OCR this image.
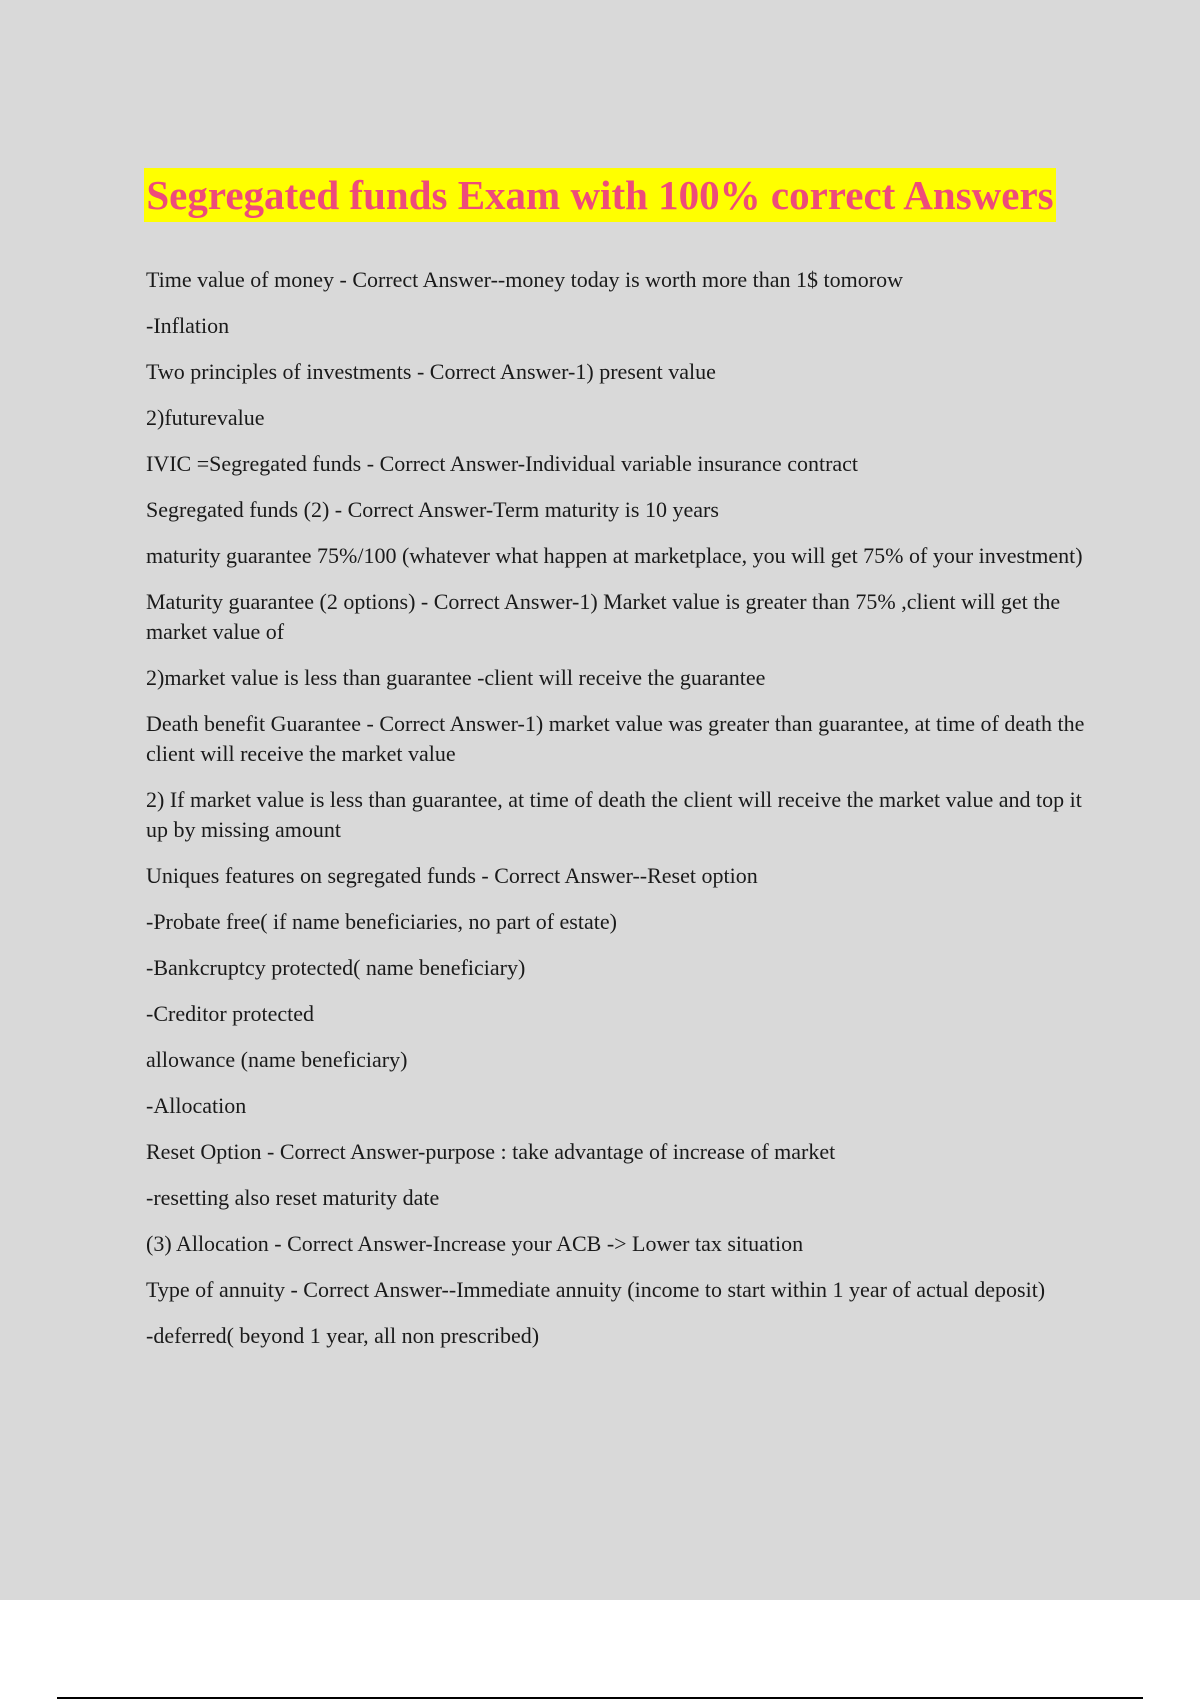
Segregated funds Exam with 100% correct Answers
Time value of money - Correct Answer--money today is worth more than 1$ tomorow
-Inflation
Two principles of investments - Correct Answer-1) present value
2)futurevalue
IVIC =Segregated funds - Correct Answer-Individual variable insurance contract
Segregated funds (2) - Correct Answer-Term maturity is 10 years
maturity guarantee 75%/100 (whatever what happen at marketplace, you will get 75% of your investment)
Maturity guarantee (2 options) - Correct Answer-1) Market value is greater than 75% ,client will get the market value of
2)market value is less than guarantee -client will receive the guarantee
Death benefit Guarantee - Correct Answer-1) market value was greater than guarantee, at time of death the client will receive the market value
2) If market value is less than guarantee, at time of death the client will receive the market value and top it up by missing amount
Uniques features on segregated funds - Correct Answer--Reset option
-Probate free( if name beneficiaries, no part of estate)
-Bankcruptcy protected( name beneficiary)
-Creditor protected
allowance (name beneficiary)
-Allocation
Reset Option - Correct Answer-purpose : take advantage of increase of market
-resetting also reset maturity date
(3) Allocation - Correct Answer-Increase your ACB -> Lower tax situation
Type of annuity - Correct Answer--Immediate annuity (income to start within 1 year of actual deposit)
-deferred( beyond 1 year, all non prescribed)
